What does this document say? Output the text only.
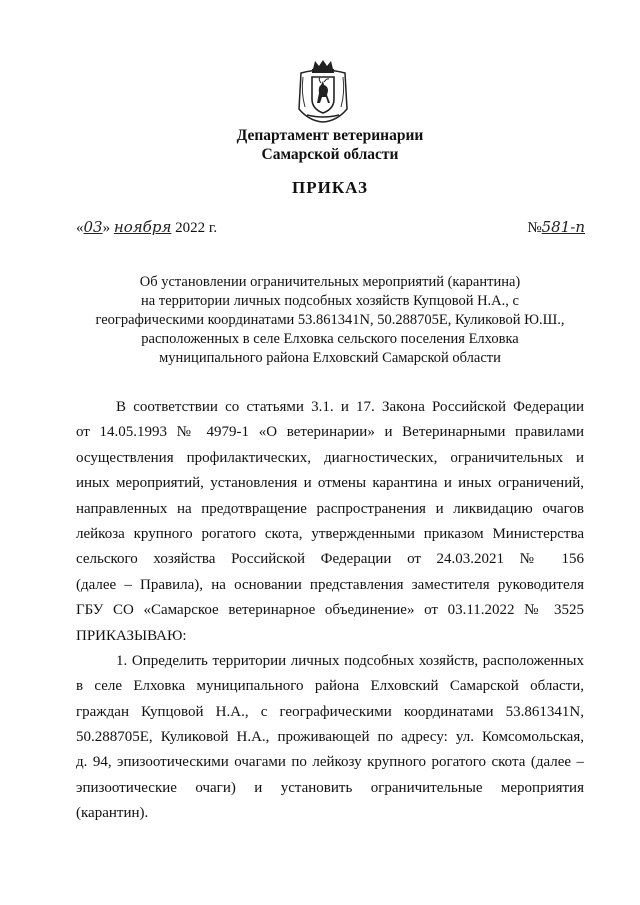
Департамент ветеринарии
Самарской области
ПРИКАЗ
«03» ноября 2022 г.	№581-п
Об установлении ограничительных мероприятий (карантина)
на территории личных подсобных хозяйств Купцовой Н.А., с
географическими координатами 53.861341N, 50.288705E, Куликовой Ю.Ш.,
расположенных в селе Елховка сельского поселения Елховка
муниципального района Елховский Самарской области
В соответствии со статьями 3.1. и 17. Закона Российской Федерации
от 14.05.1993 № 4979-1 «О ветеринарии» и Ветеринарными правилами
осуществления профилактических, диагностических, ограничительных и
иных мероприятий, установления и отмены карантина и иных ограничений,
направленных на предотвращение распространения и ликвидацию очагов
лейкоза крупного рогатого скота, утвержденными приказом Министерства
сельского хозяйства Российской Федерации от 24.03.2021 № 156
(далее – Правила), на основании представления заместителя руководителя
ГБУ СО «Самарское ветеринарное объединение» от 03.11.2022 № 3525
ПРИКАЗЫВАЮ:
1. Определить территории личных подсобных хозяйств, расположенных
в селе Елховка муниципального района Елховский Самарской области,
граждан Купцовой Н.А., с географическими координатами 53.861341N,
50.288705E, Куликовой Н.А., проживающей по адресу: ул. Комсомольская,
д. 94, эпизоотическими очагами по лейкозу крупного рогатого скота (далее –
эпизоотические очаги) и установить ограничительные мероприятия
(карантин).
